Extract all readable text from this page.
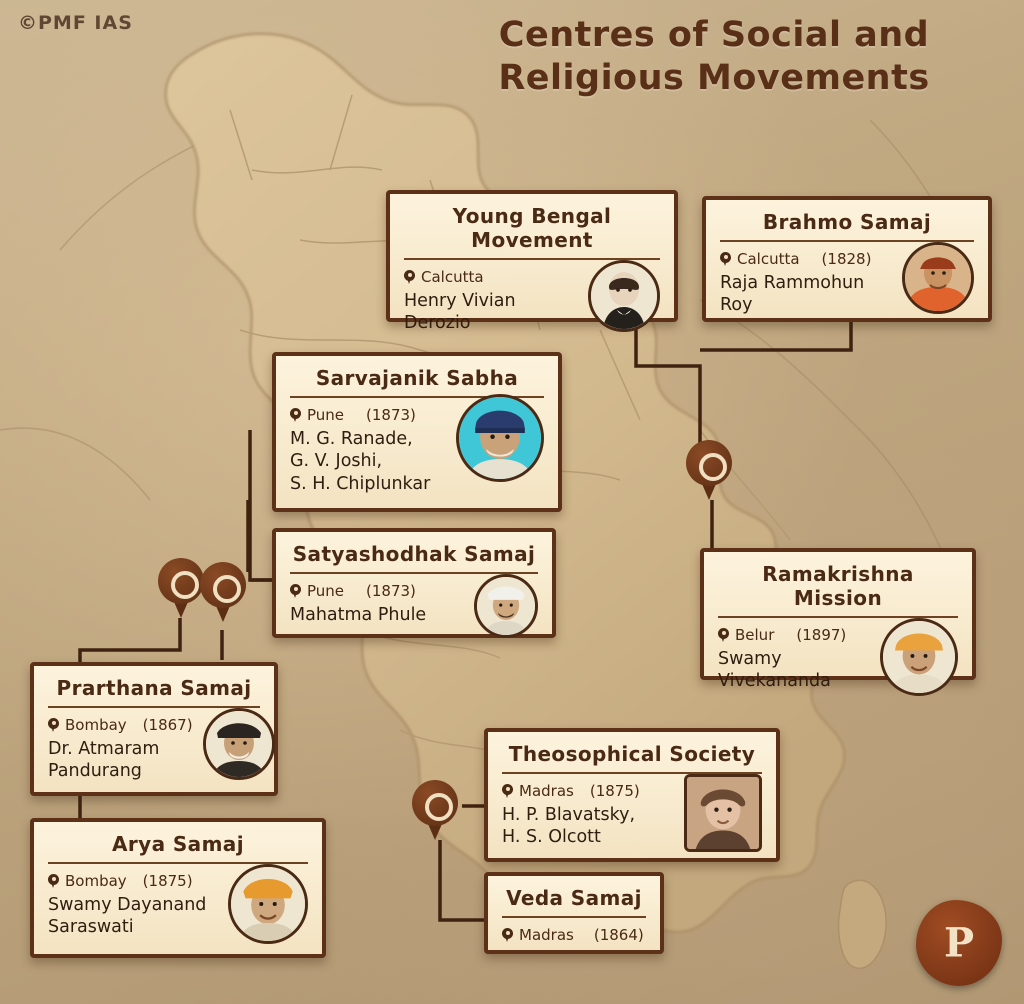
©PMF IAS	Centres of Social and
Religious Movements
Young Bengal Movement
Calcutta
Henry Vivian
Derozio
Brahmo Samaj
Calcutta (1828)
Raja Rammohun
Roy
Sarvajanik Sabha
Pune (1873)
M. G. Ranade,
G. V. Joshi,
S. H. Chiplunkar
Satyashodhak Samaj
Pune (1873)
Mahatma Phule
Ramakrishna Mission
Belur (1897)
Swamy
Vivekananda
Prarthana Samaj
Bombay (1867)
Dr. Atmaram
Pandurang
Arya Samaj
Bombay (1875)
Swamy Dayanand
Saraswati
Theosophical Society
Madras (1875)
H. P. Blavatsky,
H. S. Olcott
Veda Samaj
Madras (1864)	P
